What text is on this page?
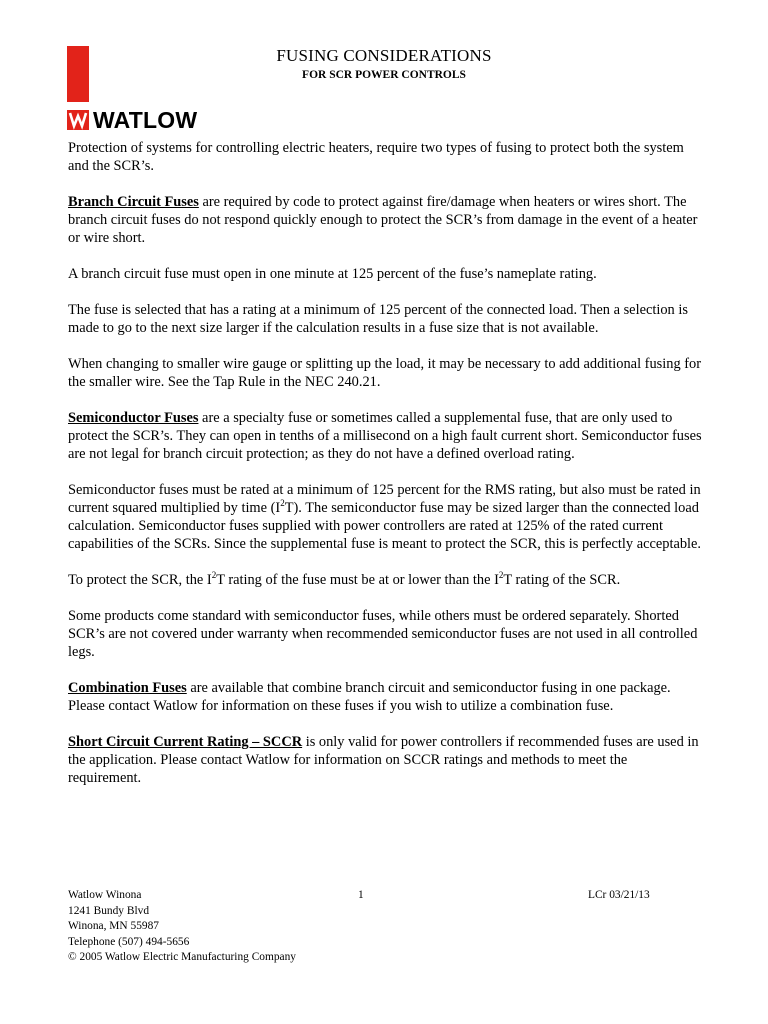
WATLOW
FUSING CONSIDERATIONS
FOR SCR POWER CONTROLS

Protection of systems for controlling electric heaters, require two types of fusing to protect both the system and the SCR’s.

Branch Circuit Fuses are required by code to protect against fire/damage when heaters or wires short. The branch circuit fuses do not respond quickly enough to protect the SCR’s from damage in the event of a heater or wire short.

A branch circuit fuse must open in one minute at 125 percent of the fuse’s nameplate rating.

The fuse is selected that has a rating at a minimum of 125 percent of the connected load. Then a selection is made to go to the next size larger if the calculation results in a fuse size that is not available.

When changing to smaller wire gauge or splitting up the load, it may be necessary to add additional fusing for the smaller wire. See the Tap Rule in the NEC 240.21.

Semiconductor Fuses are a specialty fuse or sometimes called a supplemental fuse, that are only used to protect the SCR’s. They can open in tenths of a millisecond on a high fault current short. Semiconductor fuses are not legal for branch circuit protection; as they do not have a defined overload rating.

Semiconductor fuses must be rated at a minimum of 125 percent for the RMS rating, but also must be rated in current squared multiplied by time $(I^2T)$. The semiconductor fuse may be sized larger than the connected load calculation. Semiconductor fuses supplied with power controllers are rated at 125% of the rated current capabilities of the SCRs. Since the supplemental fuse is meant to protect the SCR, this is perfectly acceptable.

To protect the SCR, the $I^2T$ rating of the fuse must be at or lower than the $I^2T$ rating of the SCR.

Some products come standard with semiconductor fuses, while others must be ordered separately. Shorted SCR’s are not covered under warranty when recommended semiconductor fuses are not used in all controlled legs.

Combination Fuses are available that combine branch circuit and semiconductor fusing in one package. Please contact Watlow for information on these fuses if you wish to utilize a combination fuse.

Short Circuit Current Rating – SCCR is only valid for power controllers if recommended fuses are used in the application. Please contact Watlow for information on SCCR ratings and methods to meet the requirement.

Watlow Winona
1241 Bundy Blvd
Winona, MN 55987
Telephone (507) 494-5656
© 2005 Watlow Electric Manufacturing Company
1	LCr 03/21/13
